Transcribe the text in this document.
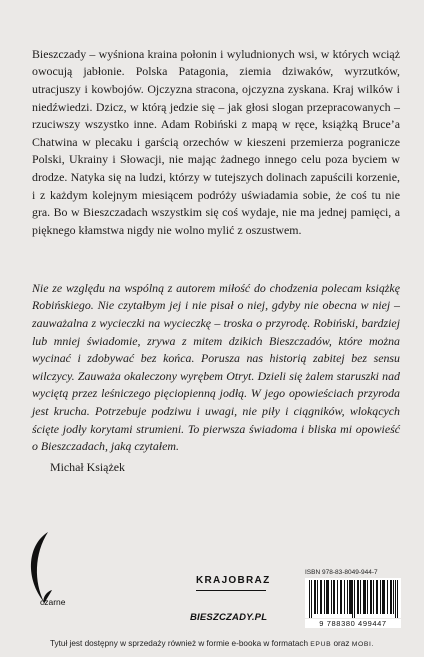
Bieszczady – wyśniona kraina połonin i wyludnionych wsi, w których wciąż owocują jabłonie. Polska Patagonia, ziemia dziwaków, wyrzutków, utracjuszy i kowbojów. Ojczyzna stracona, ojczyzna zyskana. Kraj wilków i niedźwiedzi. Dzicz, w którą jedzie się – jak głosi slogan przepracowanych – rzuciwszy wszystko inne. Adam Robiński z mapą w ręce, książką Bruce’a Chatwina w plecaku i garścią orzechów w kieszeni przemierza pogranicze Polski, Ukrainy i Słowacji, nie mając żadnego innego celu poza byciem w drodze. Natyka się na ludzi, którzy w tutejszych dolinach zapuścili korzenie, i z każdym kolejnym miesiącem podróży uświadamia sobie, że coś tu nie gra. Bo w Bieszczadach wszystkim się coś wydaje, nie ma jednej pamięci, a pięknego kłamstwa nigdy nie wolno mylić z oszustwem.

Nie ze względu na wspólną z autorem miłość do chodzenia polecam książkę Robińskiego. Nie czytałbym jej i nie pisał o niej, gdyby nie obecna w niej – zauważalna z wycieczki na wycieczkę – troska o przyrodę. Robiński, bardziej lub mniej świadomie, zrywa z mitem dzikich Bieszczadów, które można wycinać i zdobywać bez końca. Porusza nas historią zabitej bez sensu wilczycy. Zauważa okaleczony wyrębem Otryt. Dzieli się żalem staruszki nad wyciętą przez leśniczego pięciopienną jodłą. W jego opowieściach przyroda jest krucha. Potrzebuje podziwu i uwagi, nie piły i ciągników, wlokących ścięte jodły korytami strumieni. To pierwsza świadoma i bliska mi opowieść o Bieszczadach, jaką czytałem.

Michał Książek
czarne
KRAJOBRAZ
BIESZCZADY.PL
ISBN 978-83-8049-944-7
9 788380 499447
Tytuł jest dostępny w sprzedaży również w formie e-booka w formatach EPUB oraz MOBI.
